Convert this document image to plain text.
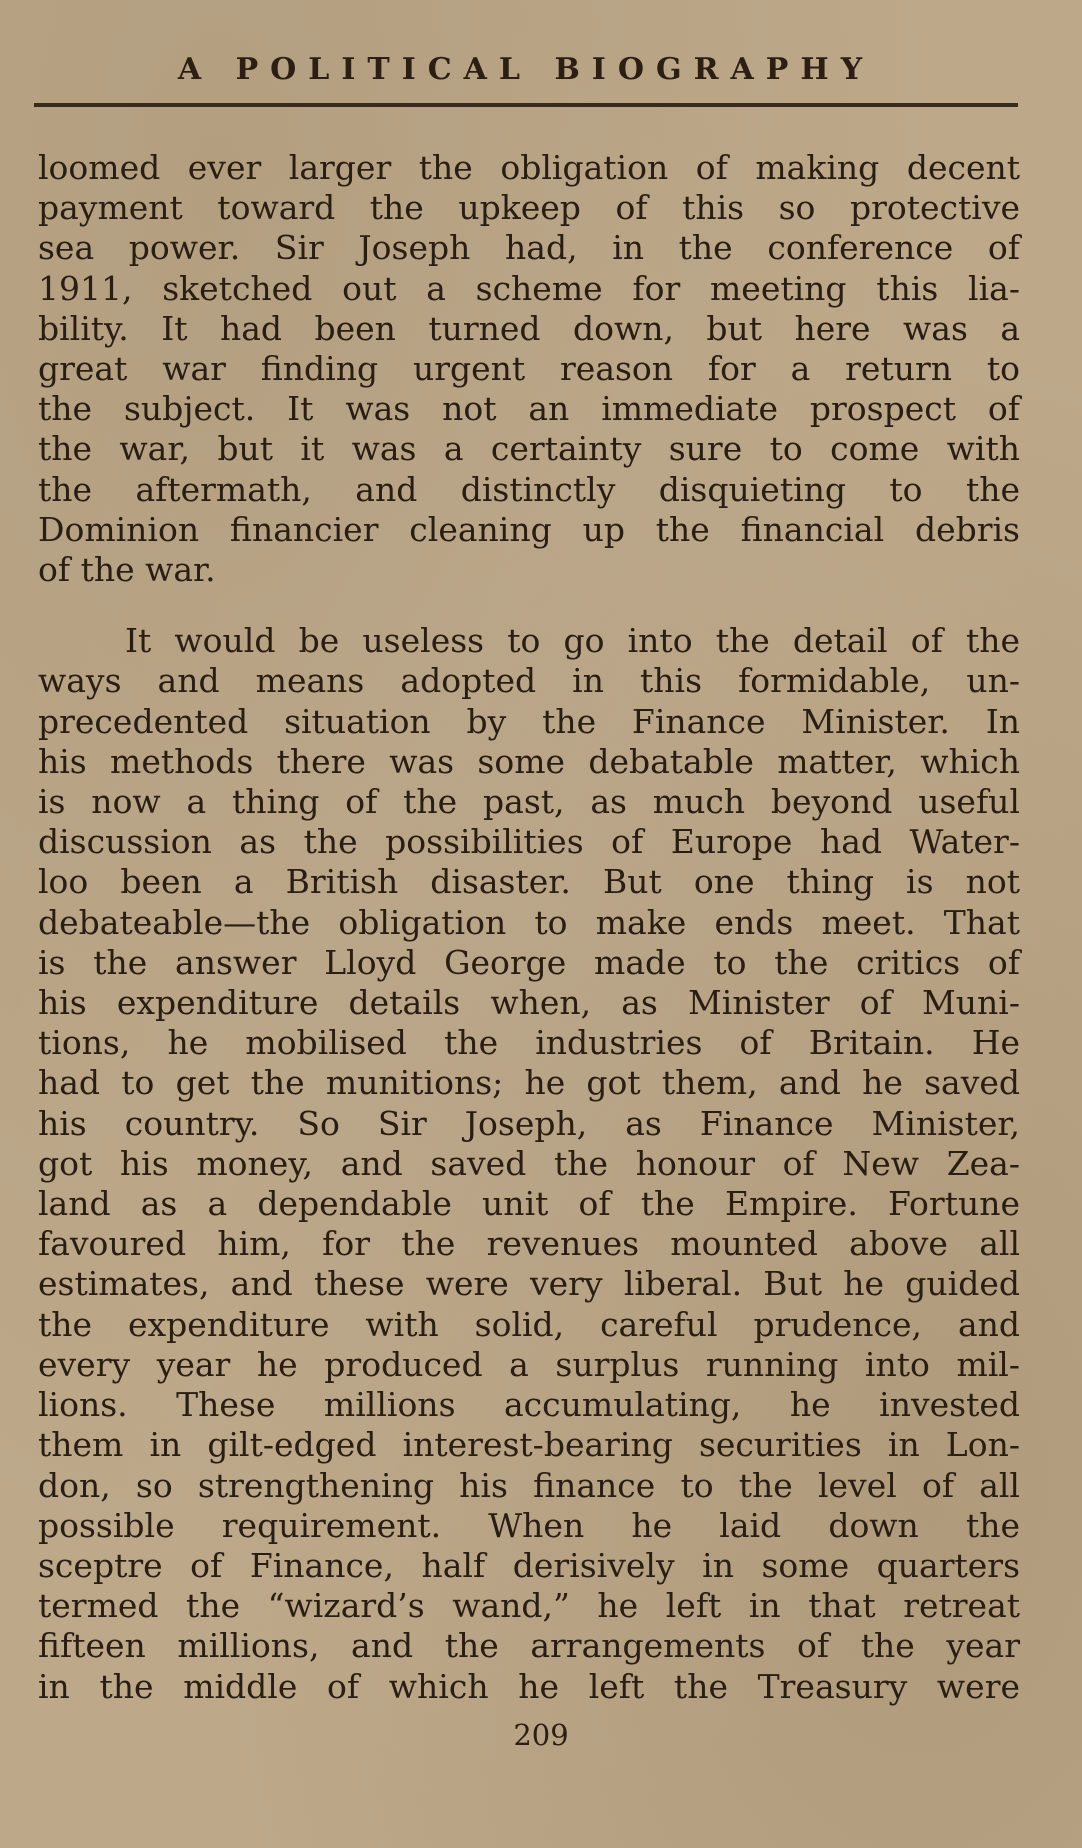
A POLITICAL BIOGRAPHY

loomed ever larger the obligation of making decent
payment toward the upkeep of this so protective
sea power. Sir Joseph had, in the conference of
1911, sketched out a scheme for meeting this lia-
bility. It had been turned down, but here was a
great war finding urgent reason for a return to
the subject. It was not an immediate prospect of
the war, but it was a certainty sure to come with
the aftermath, and distinctly disquieting to the
Dominion financier cleaning up the financial debris
of the war.

It would be useless to go into the detail of the
ways and means adopted in this formidable, un-
precedented situation by the Finance Minister. In
his methods there was some debatable matter, which
is now a thing of the past, as much beyond useful
discussion as the possibilities of Europe had Water-
loo been a British disaster. But one thing is not
debateable—the obligation to make ends meet. That
is the answer Lloyd George made to the critics of
his expenditure details when, as Minister of Muni-
tions, he mobilised the industries of Britain. He
had to get the munitions; he got them, and he saved
his country. So Sir Joseph, as Finance Minister,
got his money, and saved the honour of New Zea-
land as a dependable unit of the Empire. Fortune
favoured him, for the revenues mounted above all
estimates, and these were very liberal. But he guided
the expenditure with solid, careful prudence, and
every year he produced a surplus running into mil-
lions. These millions accumulating, he invested
them in gilt-edged interest-bearing securities in Lon-
don, so strengthening his finance to the level of all
possible requirement. When he laid down the
sceptre of Finance, half derisively in some quarters
termed the “wizard’s wand,” he left in that retreat
fifteen millions, and the arrangements of the year
in the middle of which he left the Treasury were

209
